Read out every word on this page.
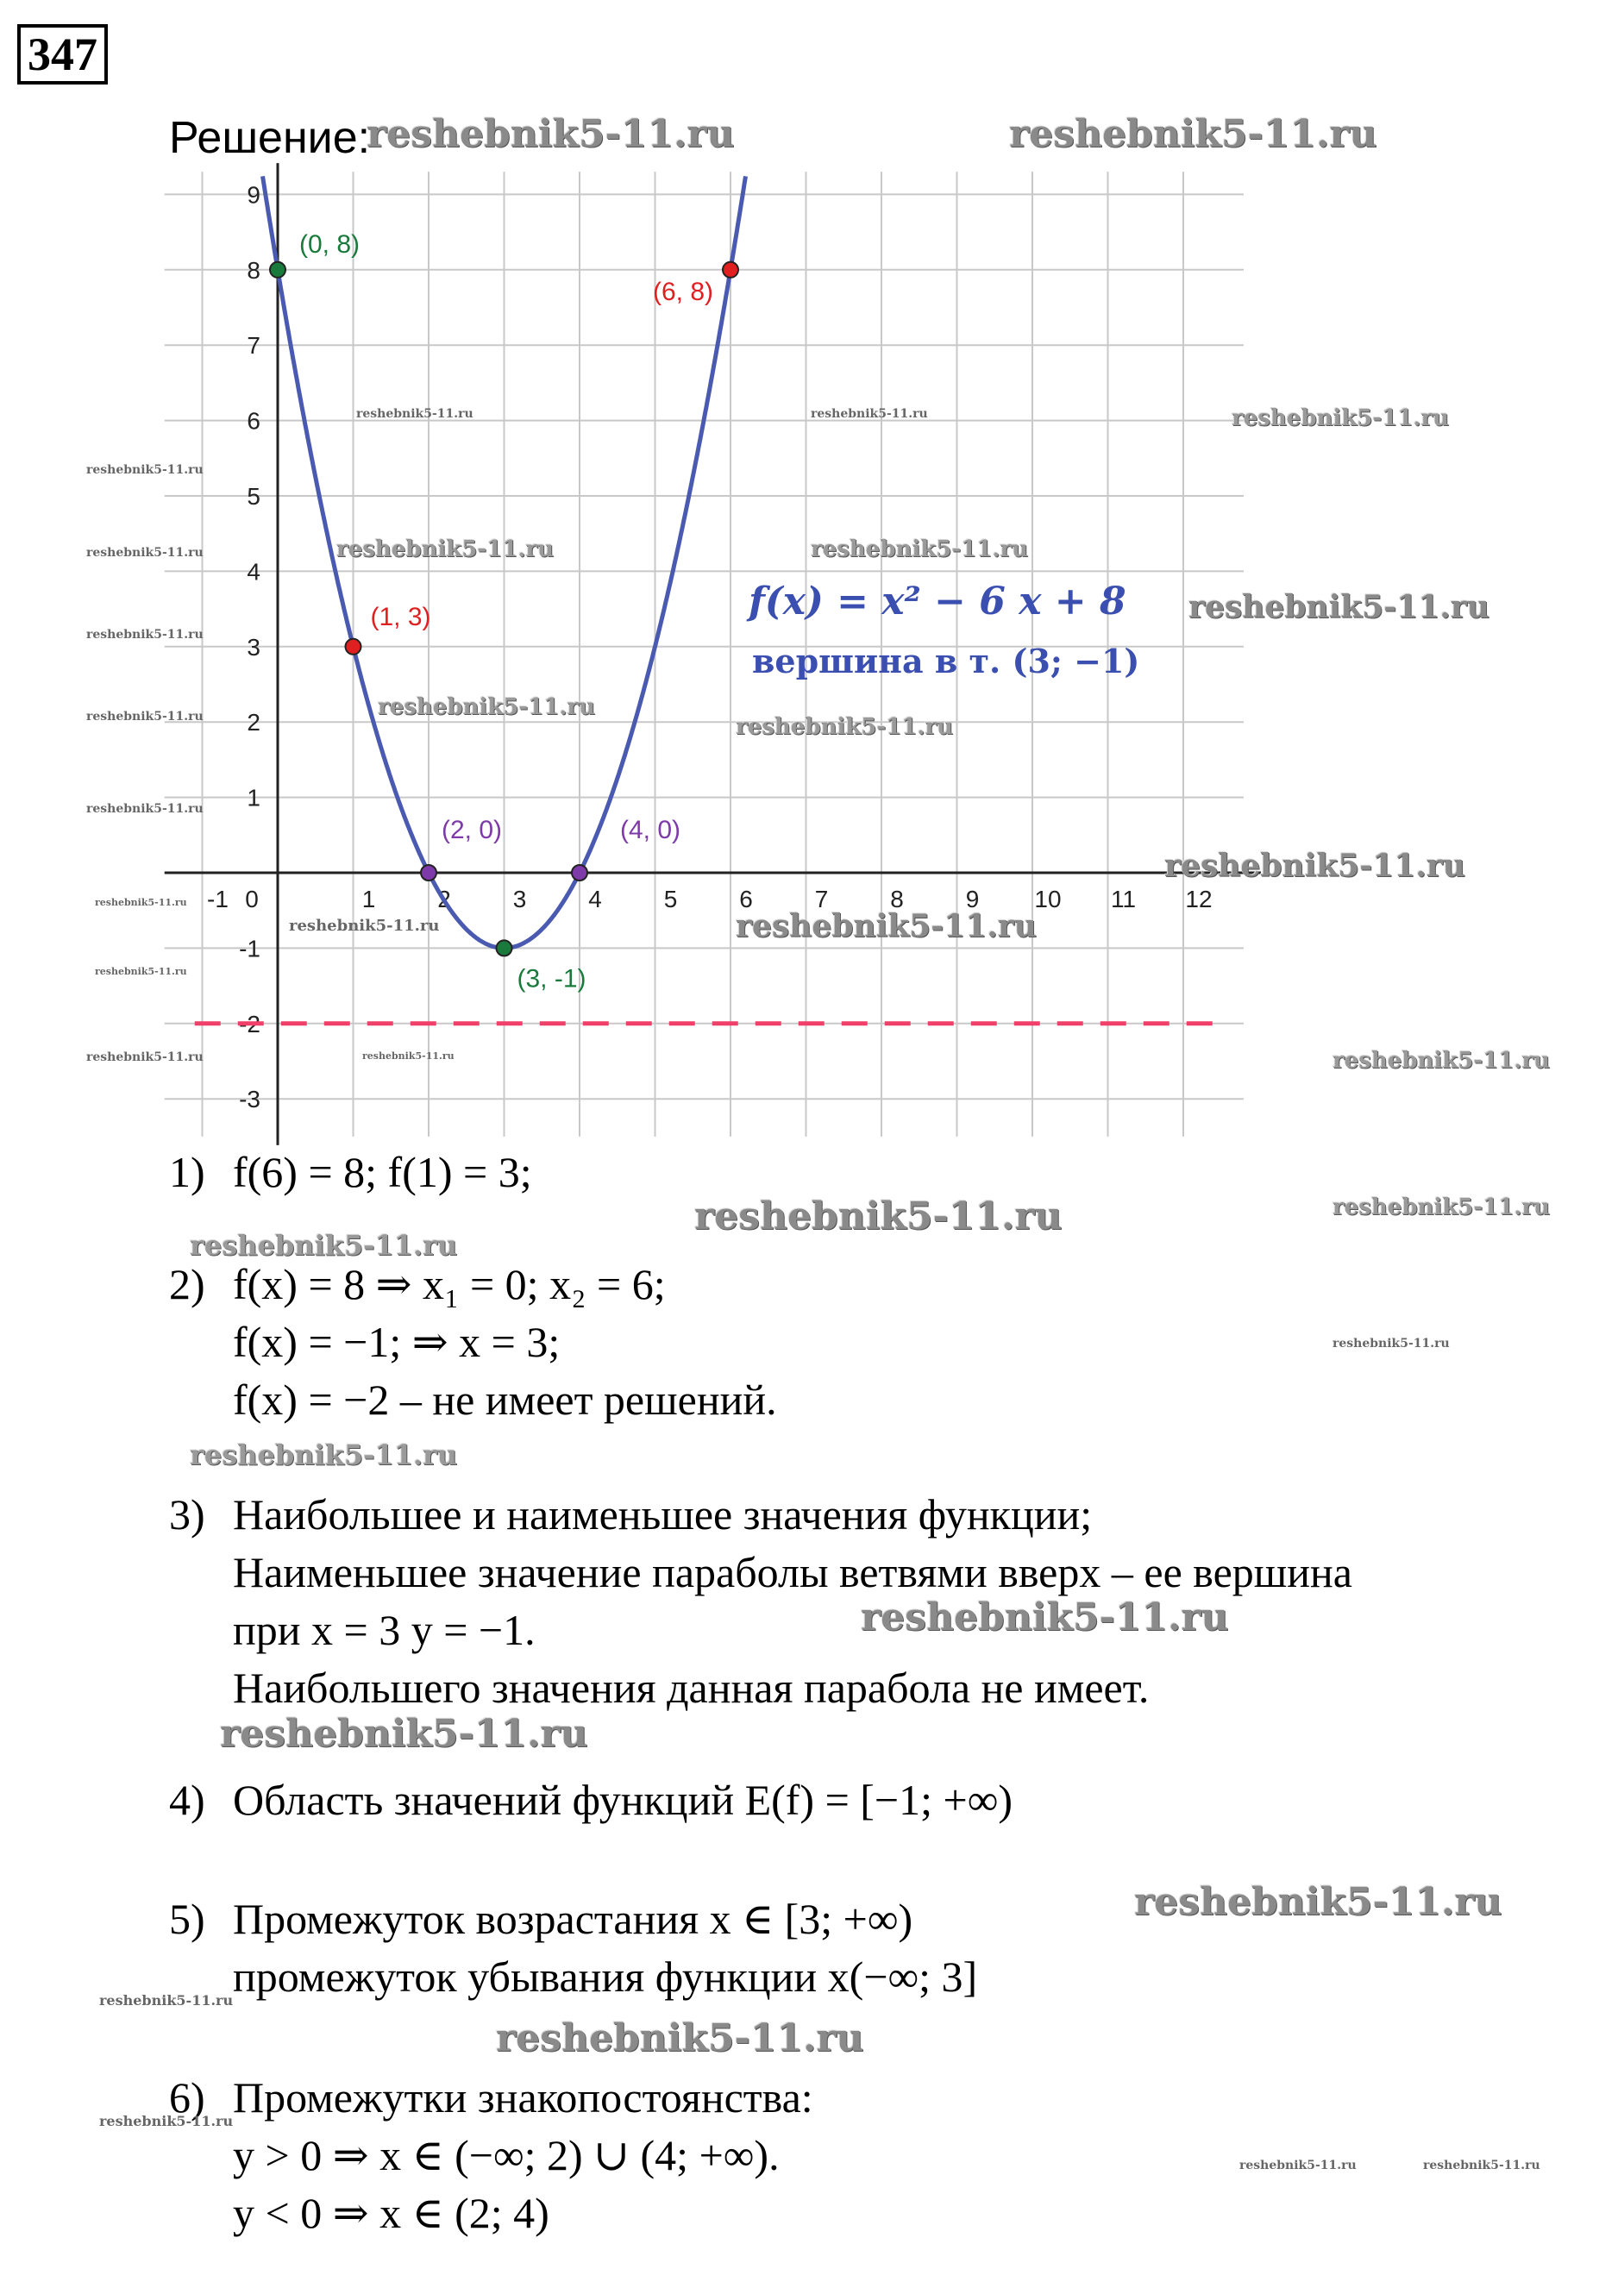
347
Решение:
-1	1	2	3	4	5	6	7	8	9 10 11 12
-3
-2
-1
1
2
3
4
5
6
7
8
9
0
(0, 8)
(6, 8)
(1, 3)
(2, 0)	(4, 0)
(3, -1)
f(x) = x² − 6 x + 8
вершина в т. (3; −1)
1) f(6) = 8; f(1) = 3;
2) f(x) = 8 ⇒ x₁ = 0; x₂ = 6;
f(x) = −1; ⇒ x = 3;
f(x) = −2 – не имеет решений.
3) Наибольшее и наименьшее значения функции;
Наименьшее значение параболы ветвями вверх – ее вершина
при x = 3 y = −1.
Наибольшего значения данная парабола не имеет.
4) Область значений функций E(f) = [−1; +∞)
5) Промежуток возрастания x ∈ [3; +∞)
промежуток убывания функции x(−∞; 3]
6) Промежутки знакопостоянства:
y > 0 ⇒ x ∈ (−∞; 2) ∪ (4; +∞).
y < 0 ⇒ x ∈ (2; 4)
reshebnik5-11.ru	reshebnik5-11.ru
reshebnik5-11.ru
reshebnik5-11.ru	reshebnik5-11.ru
reshebnik5-11.ru
reshebnik5-11.ru
reshebnik5-11.ru
reshebnik5-11.ru
reshebnik5-11.ru
reshebnik5-11.ru
reshebnik5-11.ru	reshebnik5-11.ru
reshebnik5-11.ru
reshebnik5-11.ru
reshebnik5-11.ru
reshebnik5-11.ru
reshebnik5-11.ru
reshebnik5-11.ru
reshebnik5-11.ru	reshebnik5-11.ru
reshebnik5-11.ru
reshebnik5-11.ru
reshebnik5-11.ru
reshebnik5-11.ru
reshebnik5-11.ru
reshebnik5-11.ru
reshebnik5-11.ru
reshebnik5-11.ru	reshebnik5-11.ru
reshebnik5-11.ru
reshebnik5-11.ru
reshebnik5-11.ru
reshebnik5-11.ru
reshebnik5-11.ru	reshebnik5-11.ru
